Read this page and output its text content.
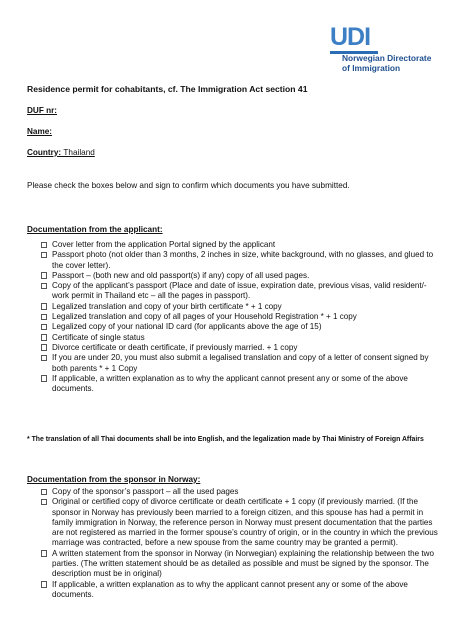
UDI
Norwegian Directorate
of Immigration
Residence permit for cohabitants, cf. The Immigration Act section 41
DUF nr:
Name:
Country: Thailand
Please check the boxes below and sign to confirm which documents you have submitted.
Documentation from the applicant:
Cover letter from the application Portal signed by the applicant
Passport photo (not older than 3 months, 2 inches in size, white background, with no glasses, and glued to the cover letter).
Passport – (both new and old passport(s) if any) copy of all used pages.
Copy of the applicant’s passport (Place and date of issue, expiration date, previous visas, valid resident/- work permit in Thailand etc – all the pages in passport).
Legalized translation and copy of your birth certificate * + 1 copy
Legalized translation and copy of all pages of your Household Registration * + 1 copy
Legalized copy of your national ID card (for applicants above the age of 15)
Certificate of single status
Divorce certificate or death certificate, if previously married. + 1 copy
If you are under 20, you must also submit a legalised translation and copy of a letter of consent signed by both parents * + 1 Copy
If applicable, a written explanation as to why the applicant cannot present any or some of the above documents.
* The translation of all Thai documents shall be into English, and the legalization made by Thai Ministry of Foreign Affairs
Documentation from the sponsor in Norway:
Copy of the sponsor’s passport – all the used pages
Original or certified copy of divorce certificate or death certificate + 1 copy (if previously married. (If the sponsor in Norway has previously been married to a foreign citizen, and this spouse has had a permit in family immigration in Norway, the reference person in Norway must present documentation that the parties are not registered as married in the former spouse’s country of origin, or in the country in which the previous marriage was contracted, before a new spouse from the same country may be granted a permit).
A written statement from the sponsor in Norway (in Norwegian) explaining the relationship between the two parties. (The written statement should be as detailed as possible and must be signed by the sponsor. The description must be in original)
If applicable, a written explanation as to why the applicant cannot present any or some of the above documents.
